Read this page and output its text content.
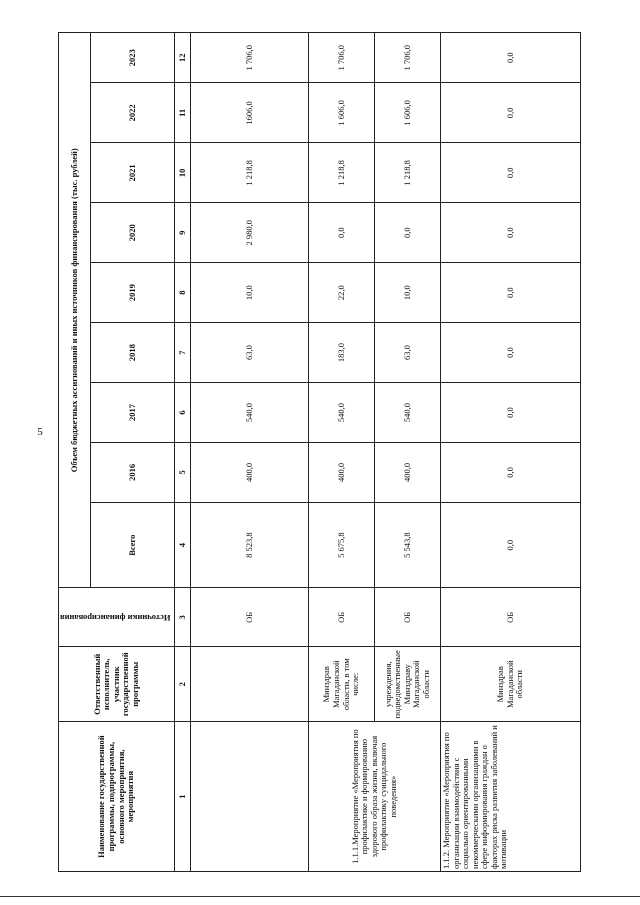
5
Наименование государственной программы, подпрограммы, основного мероприятия, мероприятия	Ответственный исполнитель, участник государственной программы	Источники финансирования	Объем бюджетных ассигнований и иных источников финансирования (тыс. рублей)								
			Всего	2016	2017	2018	2019	2020	2021	2022	2023
1	2	3	4	5	6	7	8	9	10	11	12
		ОБ	8 523,8	400,0	540,0	63,0	10,0	2 980,0	1 218,8	1606,0	1 706,0
1.1.1.Мероприятие «Мероприятия по профилактике и формированию здорового образа жизни, включая профилактику суицидального поведения»	Минздрав Магаданской области, в том числе:	ОБ	5 675,8	400,0	540,0	183,0	22,0	0,0	1 218,8	1 606,0	1 706,0
	учреждения, подведомственные Минздраву Магаданской области	ОБ	5 543,8	400,0	540,0	63,0	10,0	0,0	1 218,8	1 606,0	1 706,0
1.1.2. Мероприятие «Мероприятия по организации взаимодействия с социально ориентированными некоммерческими организациями в сфере информирования граждан о факторах риска развития заболеваний и мотивации	Минздрав Магаданской области	ОБ	0,0	0,0	0,0	0,0	0,0	0,0	0,0	0,0	0,0
